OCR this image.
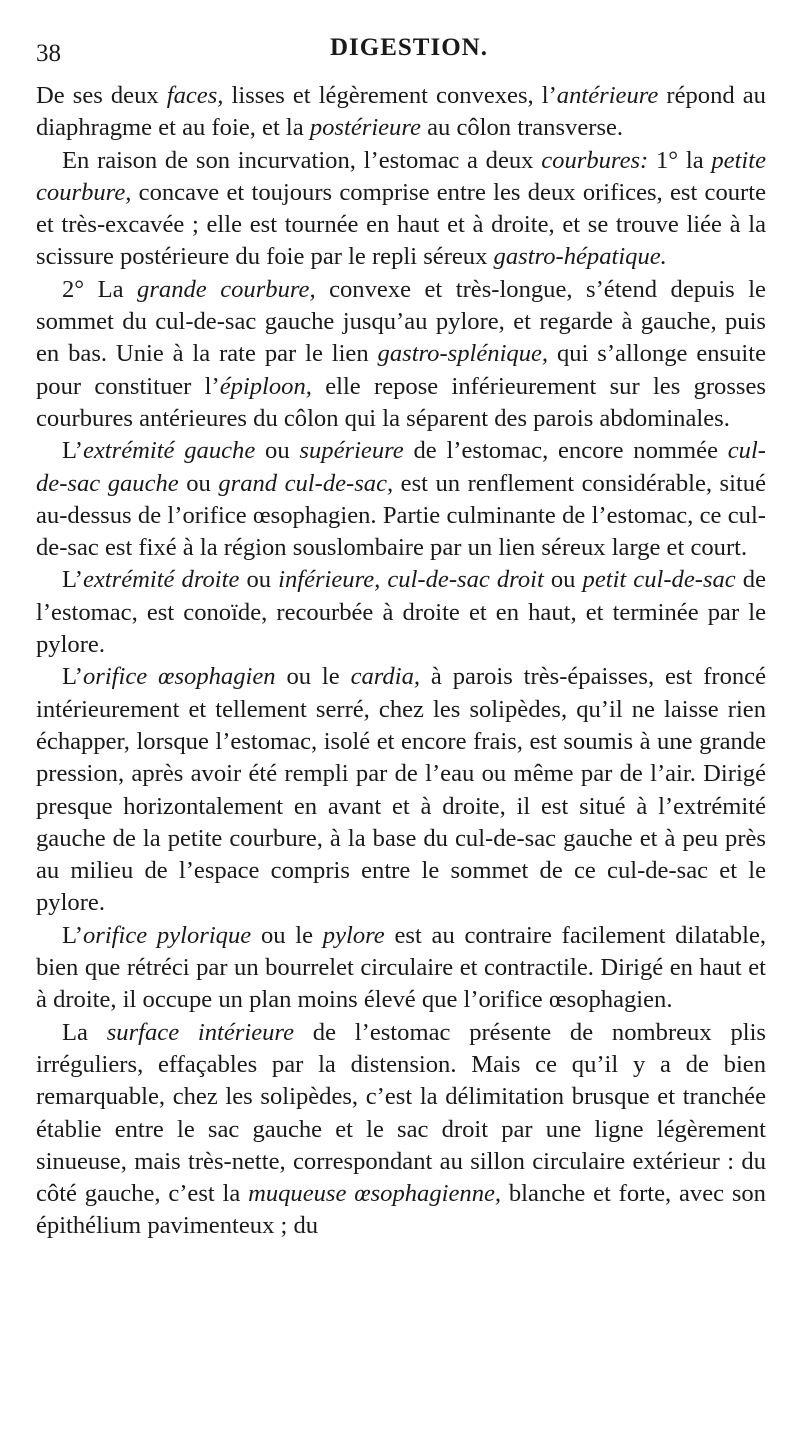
38	DIGESTION.

De ses deux faces, lisses et légèrement convexes, l’antérieure répond au diaphragme et au foie, et la postérieure au côlon transverse.

En raison de son incurvation, l’estomac a deux courbures: 1° la petite courbure, concave et toujours comprise entre les deux orifices, est courte et très-excavée ; elle est tournée en haut et à droite, et se trouve liée à la scissure postérieure du foie par le repli séreux gastro-hépatique.

2° La grande courbure, convexe et très-longue, s’étend depuis le sommet du cul-de-sac gauche jusqu’au pylore, et regarde à gauche, puis en bas. Unie à la rate par le lien gastro-splénique, qui s’allonge ensuite pour constituer l’épiploon, elle repose inférieurement sur les grosses courbures antérieures du côlon qui la séparent des parois abdominales.

L’extrémité gauche ou supérieure de l’estomac, encore nommée cul-de-sac gauche ou grand cul-de-sac, est un renflement considérable, situé au-dessus de l’orifice œsophagien. Partie culminante de l’estomac, ce cul-de-sac est fixé à la région souslombaire par un lien séreux large et court.

L’extrémité droite ou inférieure, cul-de-sac droit ou petit cul-de-sac de l’estomac, est conoïde, recourbée à droite et en haut, et terminée par le pylore.

L’orifice œsophagien ou le cardia, à parois très-épaisses, est froncé intérieurement et tellement serré, chez les solipèdes, qu’il ne laisse rien échapper, lorsque l’estomac, isolé et encore frais, est soumis à une grande pression, après avoir été rempli par de l’eau ou même par de l’air. Dirigé presque horizontalement en avant et à droite, il est situé à l’extrémité gauche de la petite courbure, à la base du cul-de-sac gauche et à peu près au milieu de l’espace compris entre le sommet de ce cul-de-sac et le pylore.

L’orifice pylorique ou le pylore est au contraire facilement dilatable, bien que rétréci par un bourrelet circulaire et contractile. Dirigé en haut et à droite, il occupe un plan moins élevé que l’orifice œsophagien.

La surface intérieure de l’estomac présente de nombreux plis irréguliers, effaçables par la distension. Mais ce qu’il y a de bien remarquable, chez les solipèdes, c’est la délimitation brusque et tranchée établie entre le sac gauche et le sac droit par une ligne légèrement sinueuse, mais très-nette, correspondant au sillon circulaire extérieur : du côté gauche, c’est la muqueuse œsophagienne, blanche et forte, avec son épithélium pavimenteux ; du
